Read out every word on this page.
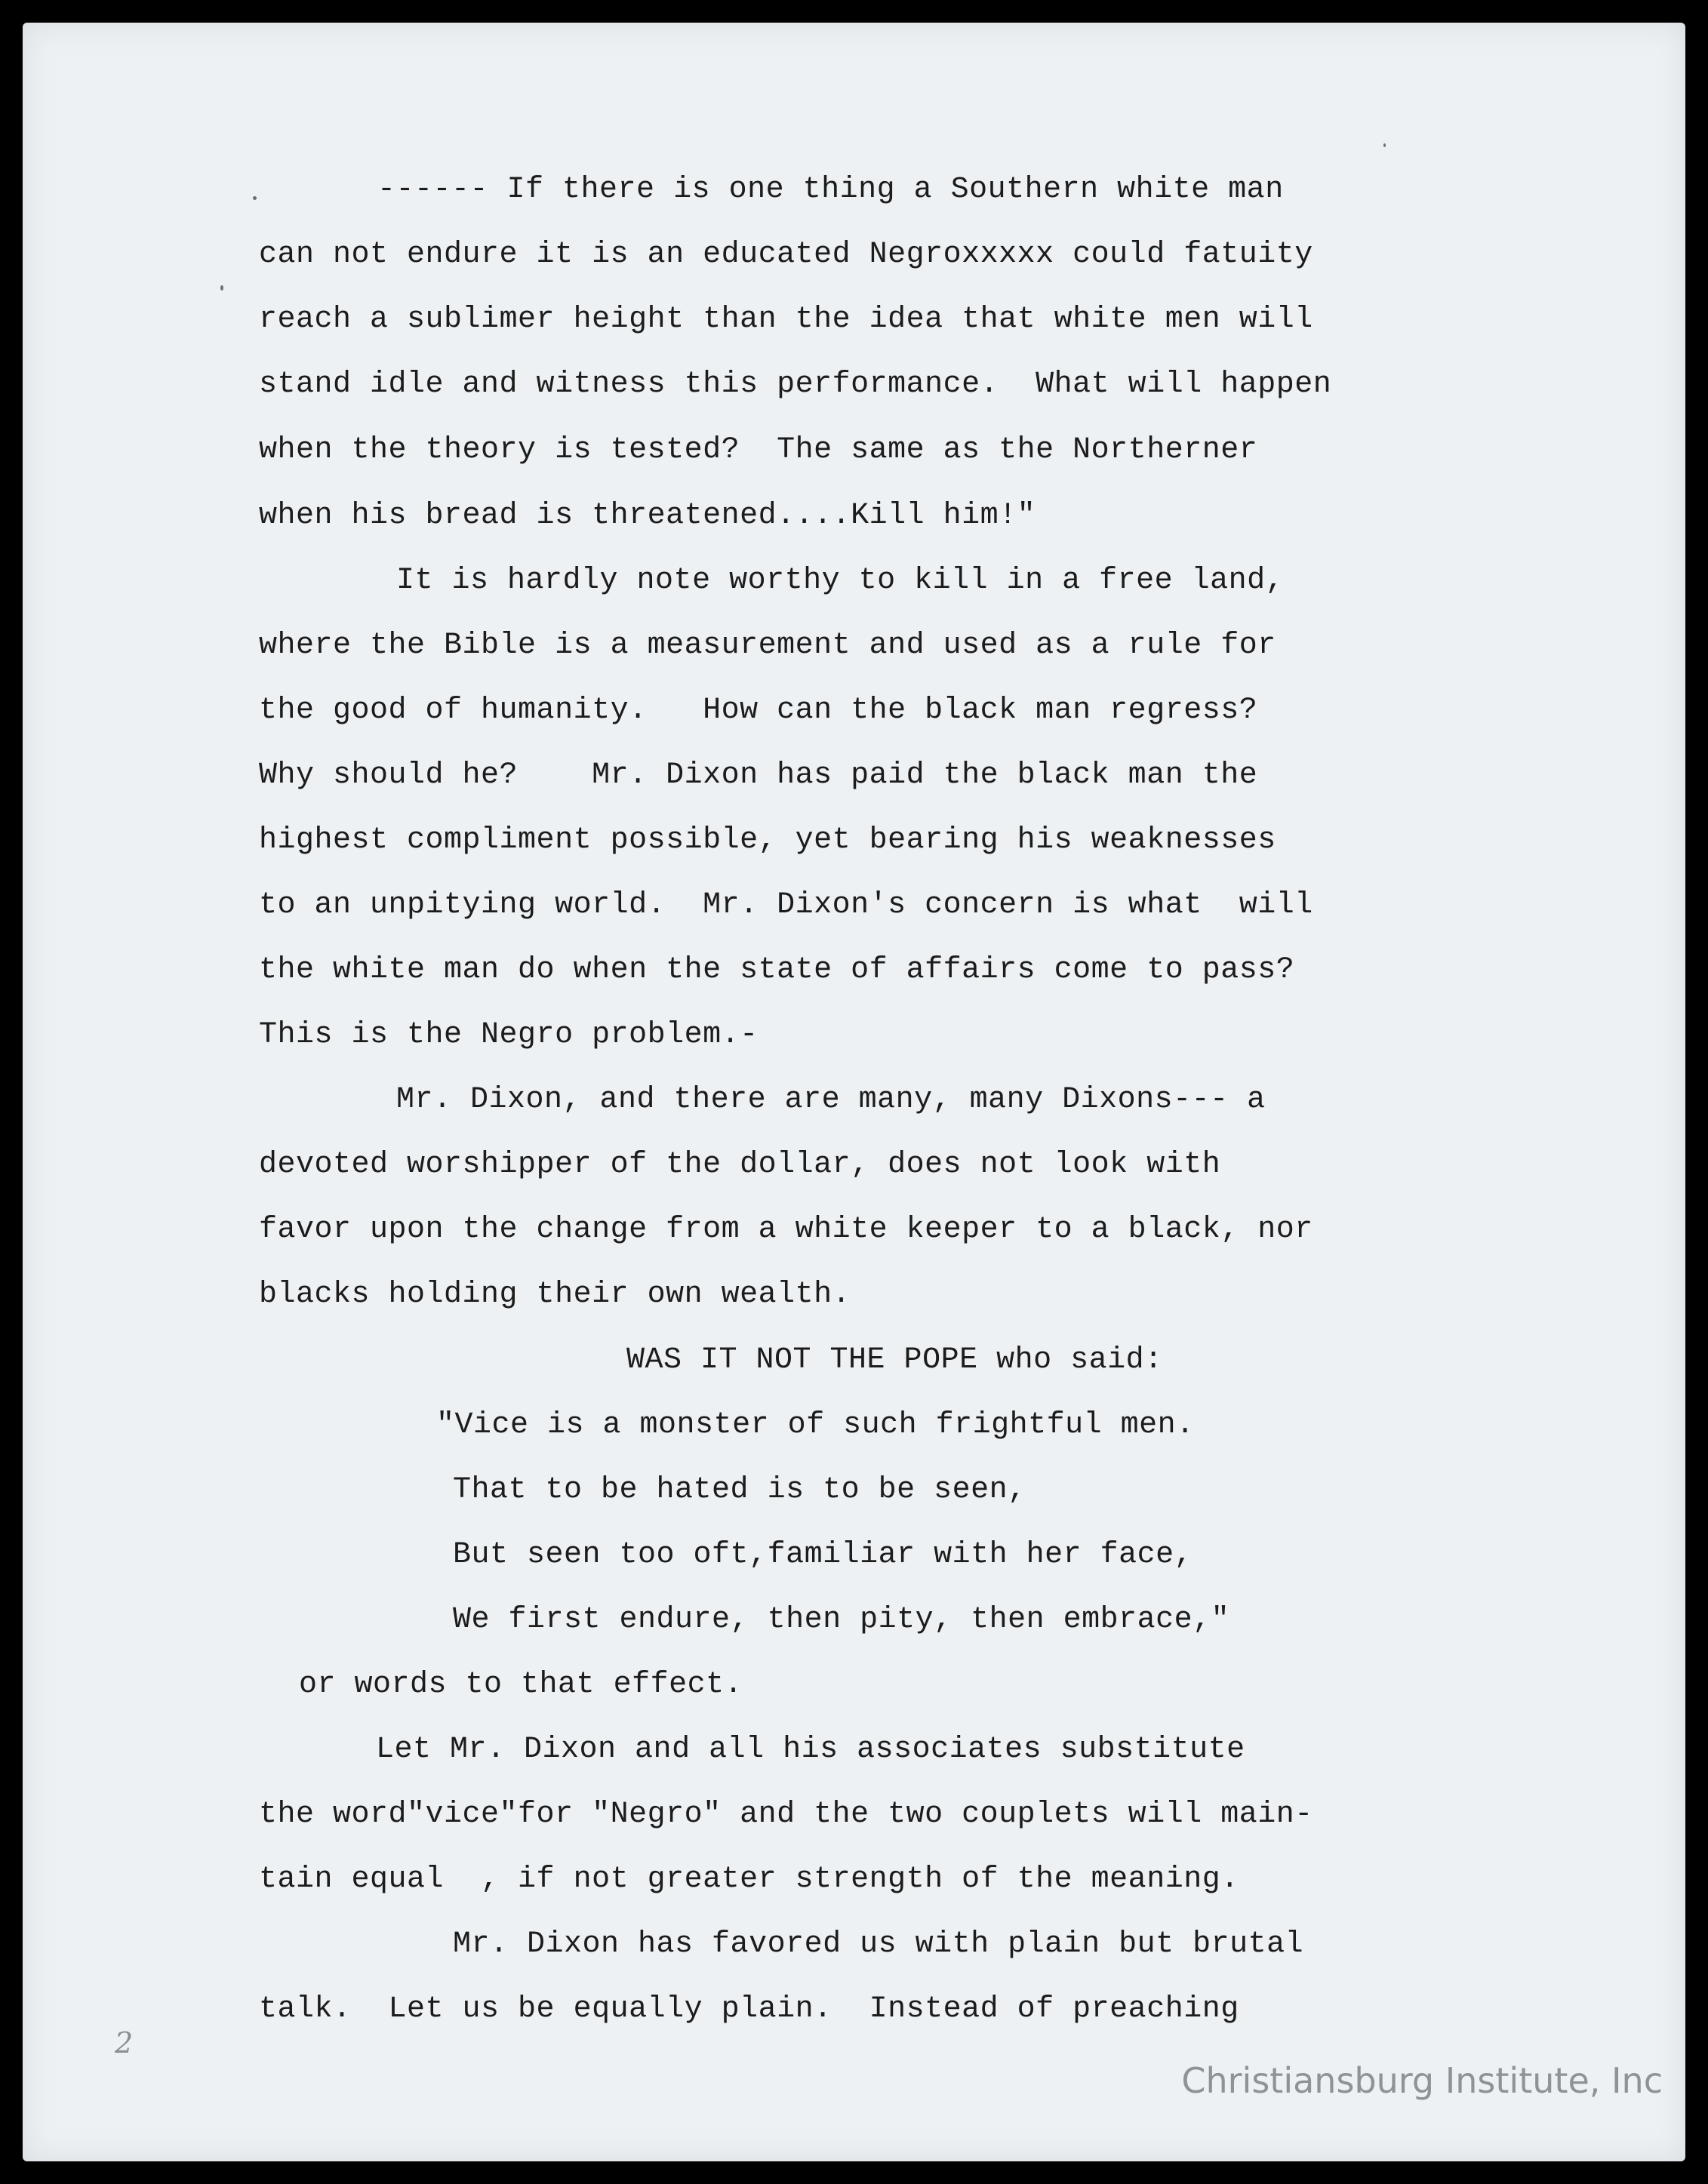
------ If there is one thing a Southern white man
can not endure it is an educated Negroxxxxx could fatuity
reach a sublimer height than the idea that white men will
stand idle and witness this performance.  What will happen
when the theory is tested?  The same as the Northerner
when his bread is threatened....Kill him!"
It is hardly note worthy to kill in a free land,
where the Bible is a measurement and used as a rule for
the good of humanity.   How can the black man regress?
Why should he?    Mr. Dixon has paid the black man the
highest compliment possible, yet bearing his weaknesses
to an unpitying world.  Mr. Dixon's concern is what  will
the white man do when the state of affairs come to pass?
This is the Negro problem.-
Mr. Dixon, and there are many, many Dixons--- a
devoted worshipper of the dollar, does not look with
favor upon the change from a white keeper to a black, nor
blacks holding their own wealth.
WAS IT NOT THE POPE who said:
"Vice is a monster of such frightful men.
That to be hated is to be seen,
But seen too oft,familiar with her face,
We first endure, then pity, then embrace,"
or words to that effect.
Let Mr. Dixon and all his associates substitute
the word"vice"for "Negro" and the two couplets will main-
tain equal  , if not greater strength of the meaning.
Mr. Dixon has favored us with plain but brutal
talk.  Let us be equally plain.  Instead of preaching
2
Christiansburg Institute, Inc
